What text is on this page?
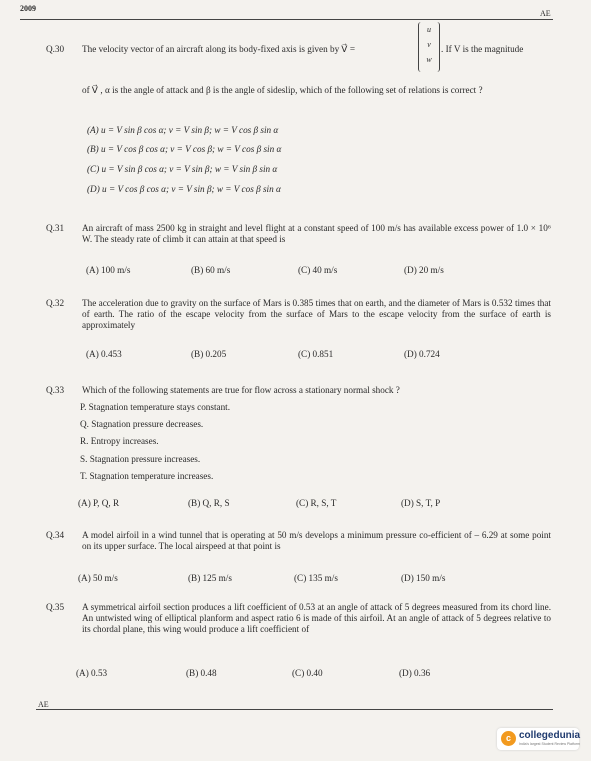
2009
AE
Q.30	The velocity vector of an aircraft along its body-fixed axis is given by V⃗ =
u
v
w
. If V is the magnitude
of V⃗ , α is the angle of attack and β is the angle of sideslip, which of the following set of relations is correct ?
(A) u = V sin β cos α; v = V sin β; w = V cos β sin α
(B) u = V cos β cos α; v = V cos β; w = V cos β sin α
(C) u = V sin β cos α; v = V sin β; w = V sin β sin α
(D) u = V cos β cos α; v = V sin β; w = V cos β sin α
Q.31	An aircraft of mass 2500 kg in straight and level flight at a constant speed of 100 m/s has available excess power of 1.0 × 10⁶ W. The steady rate of climb it can attain at that speed is
(A) 100 m/s	(B) 60 m/s	(C) 40 m/s	(D) 20 m/s
Q.32	The acceleration due to gravity on the surface of Mars is 0.385 times that on earth, and the diameter of Mars is 0.532 times that of earth. The ratio of the escape velocity from the surface of Mars to the escape velocity from the surface of earth is approximately
(A) 0.453	(B) 0.205	(C) 0.851	(D) 0.724
Q.33	Which of the following statements are true for flow across a stationary normal shock ?
P. Stagnation temperature stays constant.
Q. Stagnation pressure decreases.
R. Entropy increases.
S. Stagnation pressure increases.
T. Stagnation temperature increases.
(A) P, Q, R	(B) Q, R, S	(C) R, S, T	(D) S, T, P
Q.34	A model airfoil in a wind tunnel that is operating at 50 m/s develops a minimum pressure co-efficient of – 6.29 at some point on its upper surface. The local airspeed at that point is
(A) 50 m/s	(B) 125 m/s	(C) 135 m/s	(D) 150 m/s
Q.35	A symmetrical airfoil section produces a lift coefficient of 0.53 at an angle of attack of 5 degrees measured from its chord line. An untwisted wing of elliptical planform and aspect ratio 6 is made of this airfoil. At an angle of attack of 5 degrees relative to its chordal plane, this wing would produce a lift coefficient of
(A) 0.53	(B) 0.48	(C) 0.40	(D) 0.36
AE
c collegedunia
India's largest Student Review Platform
